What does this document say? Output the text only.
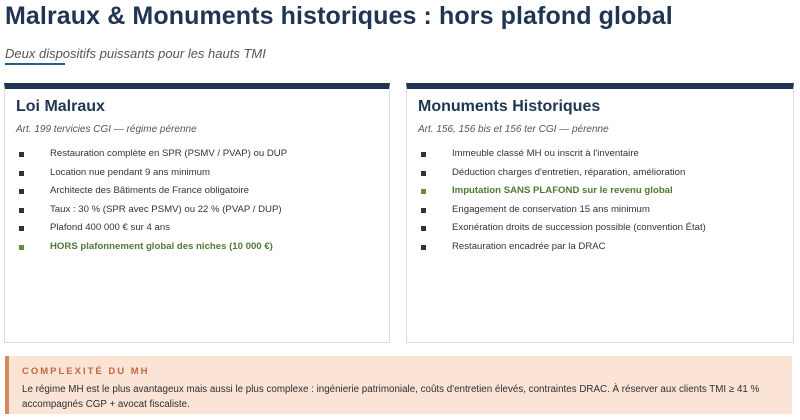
Malraux & Monuments historiques : hors plafond global
Deux dispositifs puissants pour les hauts TMI
Loi Malraux
Art. 199 tervicies CGI — régime pérenne
Restauration complète en SPR (PSMV / PVAP) ou DUP
Location nue pendant 9 ans minimum
Architecte des Bâtiments de France obligatoire
Taux : 30 % (SPR avec PSMV) ou 22 % (PVAP / DUP)
Plafond 400 000 € sur 4 ans
HORS plafonnement global des niches (10 000 €)
Monuments Historiques
Art. 156, 156 bis et 156 ter CGI — pérenne
Immeuble classé MH ou inscrit à l'inventaire
Déduction charges d'entretien, réparation, amélioration
Imputation SANS PLAFOND sur le revenu global
Engagement de conservation 15 ans minimum
Exonération droits de succession possible (convention État)
Restauration encadrée par la DRAC
COMPLEXITÉ DU MH
Le régime MH est le plus avantageux mais aussi le plus complexe : ingénierie patrimoniale, coûts d'entretien élevés, contraintes DRAC. À réserver aux clients TMI ≥ 41 % accompagnés CGP + avocat fiscaliste.
